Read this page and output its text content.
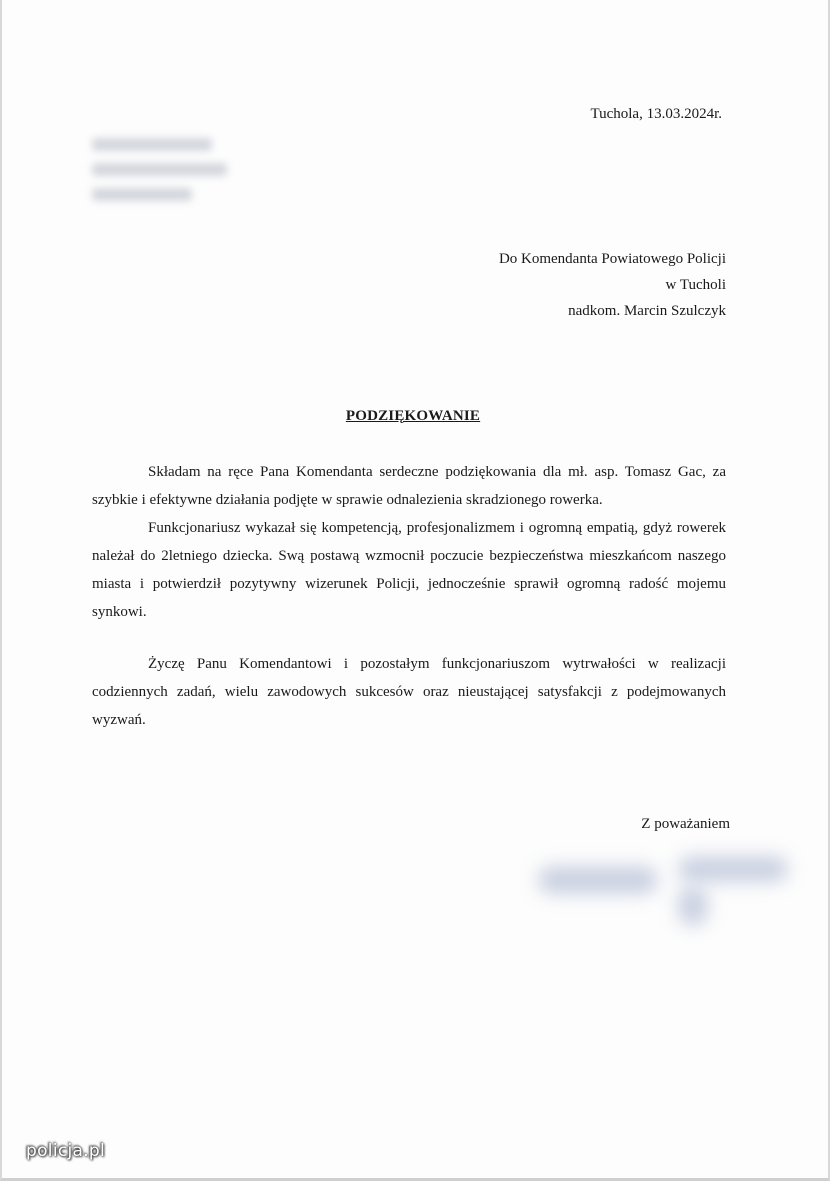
Tuchola, 13.03.2024r.
Do Komendanta Powiatowego Policji
w Tucholi
nadkom. Marcin Szulczyk
PODZIĘKOWANIE

Składam na ręce Pana Komendanta serdeczne podziękowania dla mł. asp. Tomasz Gac, za szybkie i efektywne działania podjęte w sprawie odnalezienia skradzionego rowerka.

Funkcjonariusz wykazał się kompetencją, profesjonalizmem i ogromną empatią, gdyż rowerek należał do 2letniego dziecka. Swą postawą wzmocnił poczucie bezpieczeństwa mieszkańcom naszego miasta i potwierdził pozytywny wizerunek Policji, jednocześnie sprawił ogromną radość mojemu synkowi.

Życzę Panu Komendantowi i pozostałym funkcjonariuszom wytrwałości w realizacji codziennych zadań, wielu zawodowych sukcesów oraz nieustającej satysfakcji z podejmowanych wyzwań.

Z poważaniem
policja.pl
